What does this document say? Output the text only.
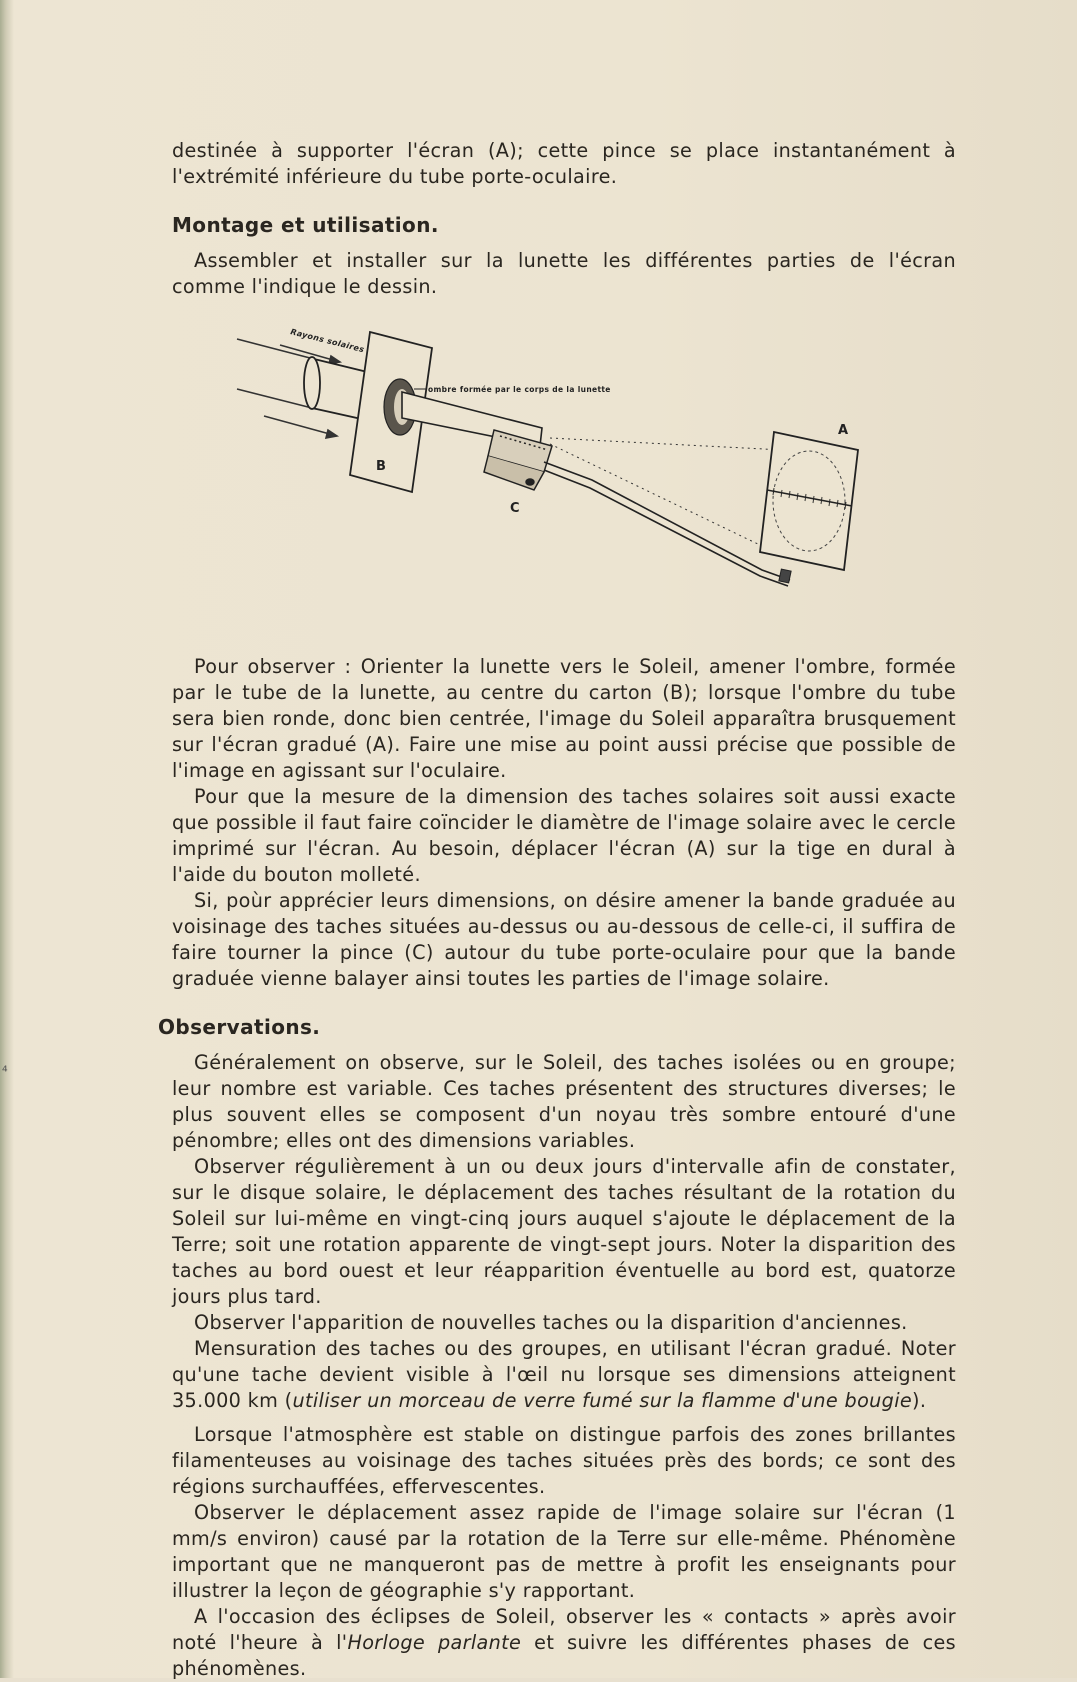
⁴

destinée à supporter l'écran (A); cette pince se place instantanément à l'extrémité inférieure du tube porte-oculaire.

Montage et utilisation.

Assembler et installer sur la lunette les différentes parties de l'écran comme l'indique le dessin.

Rayons solaires
B
ombre formée par le corps de la lunette
C
A

Pour observer : Orienter la lunette vers le Soleil, amener l'ombre, formée par le tube de la lunette, au centre du carton (B); lorsque l'ombre du tube sera bien ronde, donc bien centrée, l'image du Soleil apparaîtra brusquement sur l'écran gradué (A). Faire une mise au point aussi précise que possible de l'image en agissant sur l'oculaire.

Pour que la mesure de la dimension des taches solaires soit aussi exacte que possible il faut faire coïncider le diamètre de l'image solaire avec le cercle imprimé sur l'écran. Au besoin, déplacer l'écran (A) sur la tige en dural à l'aide du bouton molleté.

Si, poùr apprécier leurs dimensions, on désire amener la bande graduée au voisinage des taches situées au-dessus ou au-dessous de celle-ci, il suffira de faire tourner la pince (C) autour du tube porte-oculaire pour que la bande graduée vienne balayer ainsi toutes les parties de l'image solaire.

Observations.

Généralement on observe, sur le Soleil, des taches isolées ou en groupe; leur nombre est variable. Ces taches présentent des structures diverses; le plus souvent elles se composent d'un noyau très sombre entouré d'une pénombre; elles ont des dimensions variables.

Observer régulièrement à un ou deux jours d'intervalle afin de constater, sur le disque solaire, le déplacement des taches résultant de la rotation du Soleil sur lui-même en vingt-cinq jours auquel s'ajoute le déplacement de la Terre; soit une rotation apparente de vingt-sept jours. Noter la disparition des taches au bord ouest et leur réapparition éventuelle au bord est, quatorze jours plus tard.

Observer l'apparition de nouvelles taches ou la disparition d'anciennes.

Mensuration des taches ou des groupes, en utilisant l'écran gradué. Noter qu'une tache devient visible à l'œil nu lorsque ses dimensions atteignent 35.000 km (utiliser un morceau de verre fumé sur la flamme d'une bougie).

Lorsque l'atmosphère est stable on distingue parfois des zones brillantes filamenteuses au voisinage des taches situées près des bords; ce sont des régions surchauffées, effervescentes.

Observer le déplacement assez rapide de l'image solaire sur l'écran (1 mm/s environ) causé par la rotation de la Terre sur elle-même. Phénomène important que ne manqueront pas de mettre à profit les enseignants pour illustrer la leçon de géographie s'y rapportant.

A l'occasion des éclipses de Soleil, observer les « contacts » après avoir noté l'heure à l'Horloge parlante et suivre les différentes phases de ces phénomènes.
